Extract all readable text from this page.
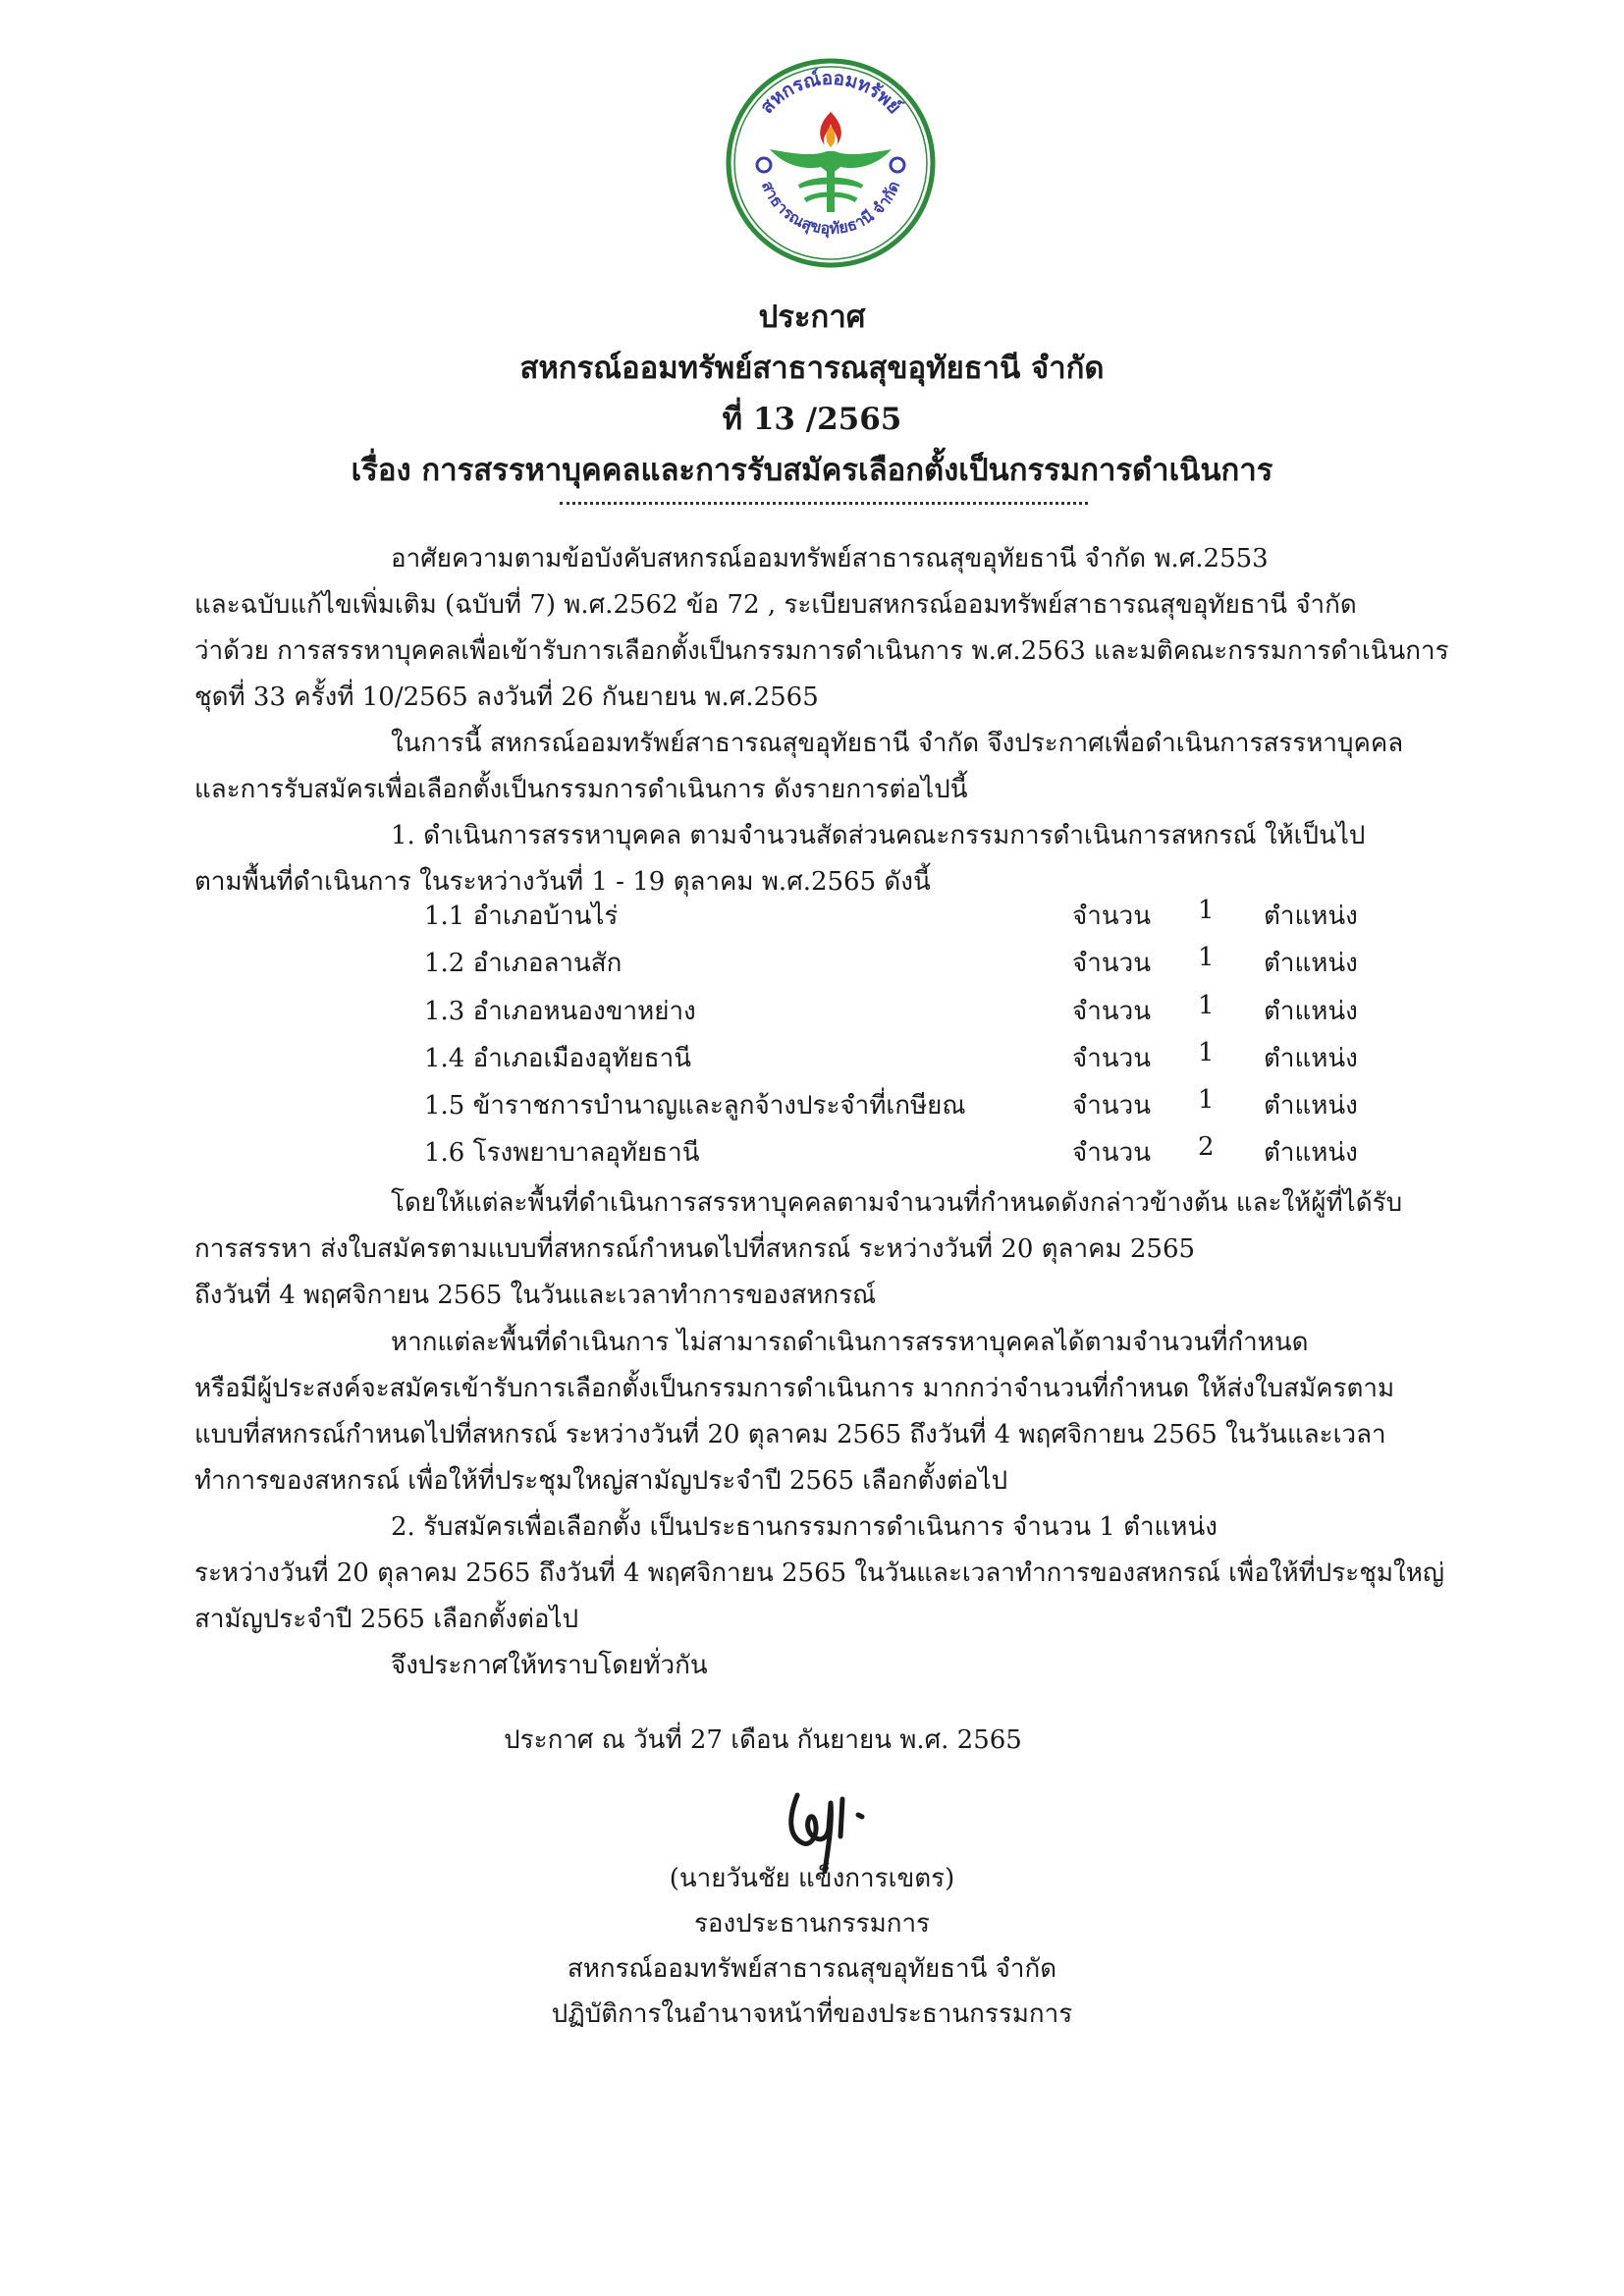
สหกรณ์ออมทรัพย์
สาธารณสุขอุทัยธานี จำกัด
ประกาศ
สหกรณ์ออมทรัพย์สาธารณสุขอุทัยธานี จำกัด
ที่ 13 /2565
เรื่อง การสรรหาบุคคลและการรับสมัครเลือกตั้งเป็นกรรมการดำเนินการ
อาศัยความตามข้อบังคับสหกรณ์ออมทรัพย์สาธารณสุขอุทัยธานี จำกัด พ.ศ.2553
และฉบับแก้ไขเพิ่มเติม (ฉบับที่ 7) พ.ศ.2562 ข้อ 72 , ระเบียบสหกรณ์ออมทรัพย์สาธารณสุขอุทัยธานี จำกัด
ว่าด้วย การสรรหาบุคคลเพื่อเข้ารับการเลือกตั้งเป็นกรรมการดำเนินการ พ.ศ.2563 และมติคณะกรรมการดำเนินการ
ชุดที่ 33 ครั้งที่ 10/2565 ลงวันที่ 26 กันยายน พ.ศ.2565
ในการนี้ สหกรณ์ออมทรัพย์สาธารณสุขอุทัยธานี จำกัด จึงประกาศเพื่อดำเนินการสรรหาบุคคล
และการรับสมัครเพื่อเลือกตั้งเป็นกรรมการดำเนินการ ดังรายการต่อไปนี้
1. ดำเนินการสรรหาบุคคล ตามจำนวนสัดส่วนคณะกรรมการดำเนินการสหกรณ์ ให้เป็นไป
ตามพื้นที่ดำเนินการ ในระหว่างวันที่ 1 - 19 ตุลาคม พ.ศ.2565 ดังนี้
1.1 อำเภอบ้านไร่	จำนวน 1 ตำแหน่ง
1.2 อำเภอลานสัก	จำนวน 1 ตำแหน่ง
1.3 อำเภอหนองขาหย่าง	จำนวน 1 ตำแหน่ง
1.4 อำเภอเมืองอุทัยธานี	จำนวน 1 ตำแหน่ง
1.5 ข้าราชการบำนาญและลูกจ้างประจำที่เกษียณ	จำนวน 1 ตำแหน่ง
1.6 โรงพยาบาลอุทัยธานี	จำนวน 2 ตำแหน่ง
โดยให้แต่ละพื้นที่ดำเนินการสรรหาบุคคลตามจำนวนที่กำหนดดังกล่าวข้างต้น และให้ผู้ที่ได้รับ
การสรรหา ส่งใบสมัครตามแบบที่สหกรณ์กำหนดไปที่สหกรณ์ ระหว่างวันที่ 20 ตุลาคม 2565
ถึงวันที่ 4 พฤศจิกายน 2565 ในวันและเวลาทำการของสหกรณ์
หากแต่ละพื้นที่ดำเนินการ ไม่สามารถดำเนินการสรรหาบุคคลได้ตามจำนวนที่กำหนด
หรือมีผู้ประสงค์จะสมัครเข้ารับการเลือกตั้งเป็นกรรมการดำเนินการ มากกว่าจำนวนที่กำหนด ให้ส่งใบสมัครตาม
แบบที่สหกรณ์กำหนดไปที่สหกรณ์ ระหว่างวันที่ 20 ตุลาคม 2565 ถึงวันที่ 4 พฤศจิกายน 2565 ในวันและเวลา
ทำการของสหกรณ์ เพื่อให้ที่ประชุมใหญ่สามัญประจำปี 2565 เลือกตั้งต่อไป
2. รับสมัครเพื่อเลือกตั้ง เป็นประธานกรรมการดำเนินการ จำนวน 1 ตำแหน่ง
ระหว่างวันที่ 20 ตุลาคม 2565 ถึงวันที่ 4 พฤศจิกายน 2565 ในวันและเวลาทำการของสหกรณ์ เพื่อให้ที่ประชุมใหญ่
สามัญประจำปี 2565 เลือกตั้งต่อไป
จึงประกาศให้ทราบโดยทั่วกัน
ประกาศ ณ วันที่ 27 เดือน กันยายน พ.ศ. 2565
(นายวันชัย แข็งการเขตร)
รองประธานกรรมการ
สหกรณ์ออมทรัพย์สาธารณสุขอุทัยธานี จำกัด
ปฏิบัติการในอำนาจหน้าที่ของประธานกรรมการ
